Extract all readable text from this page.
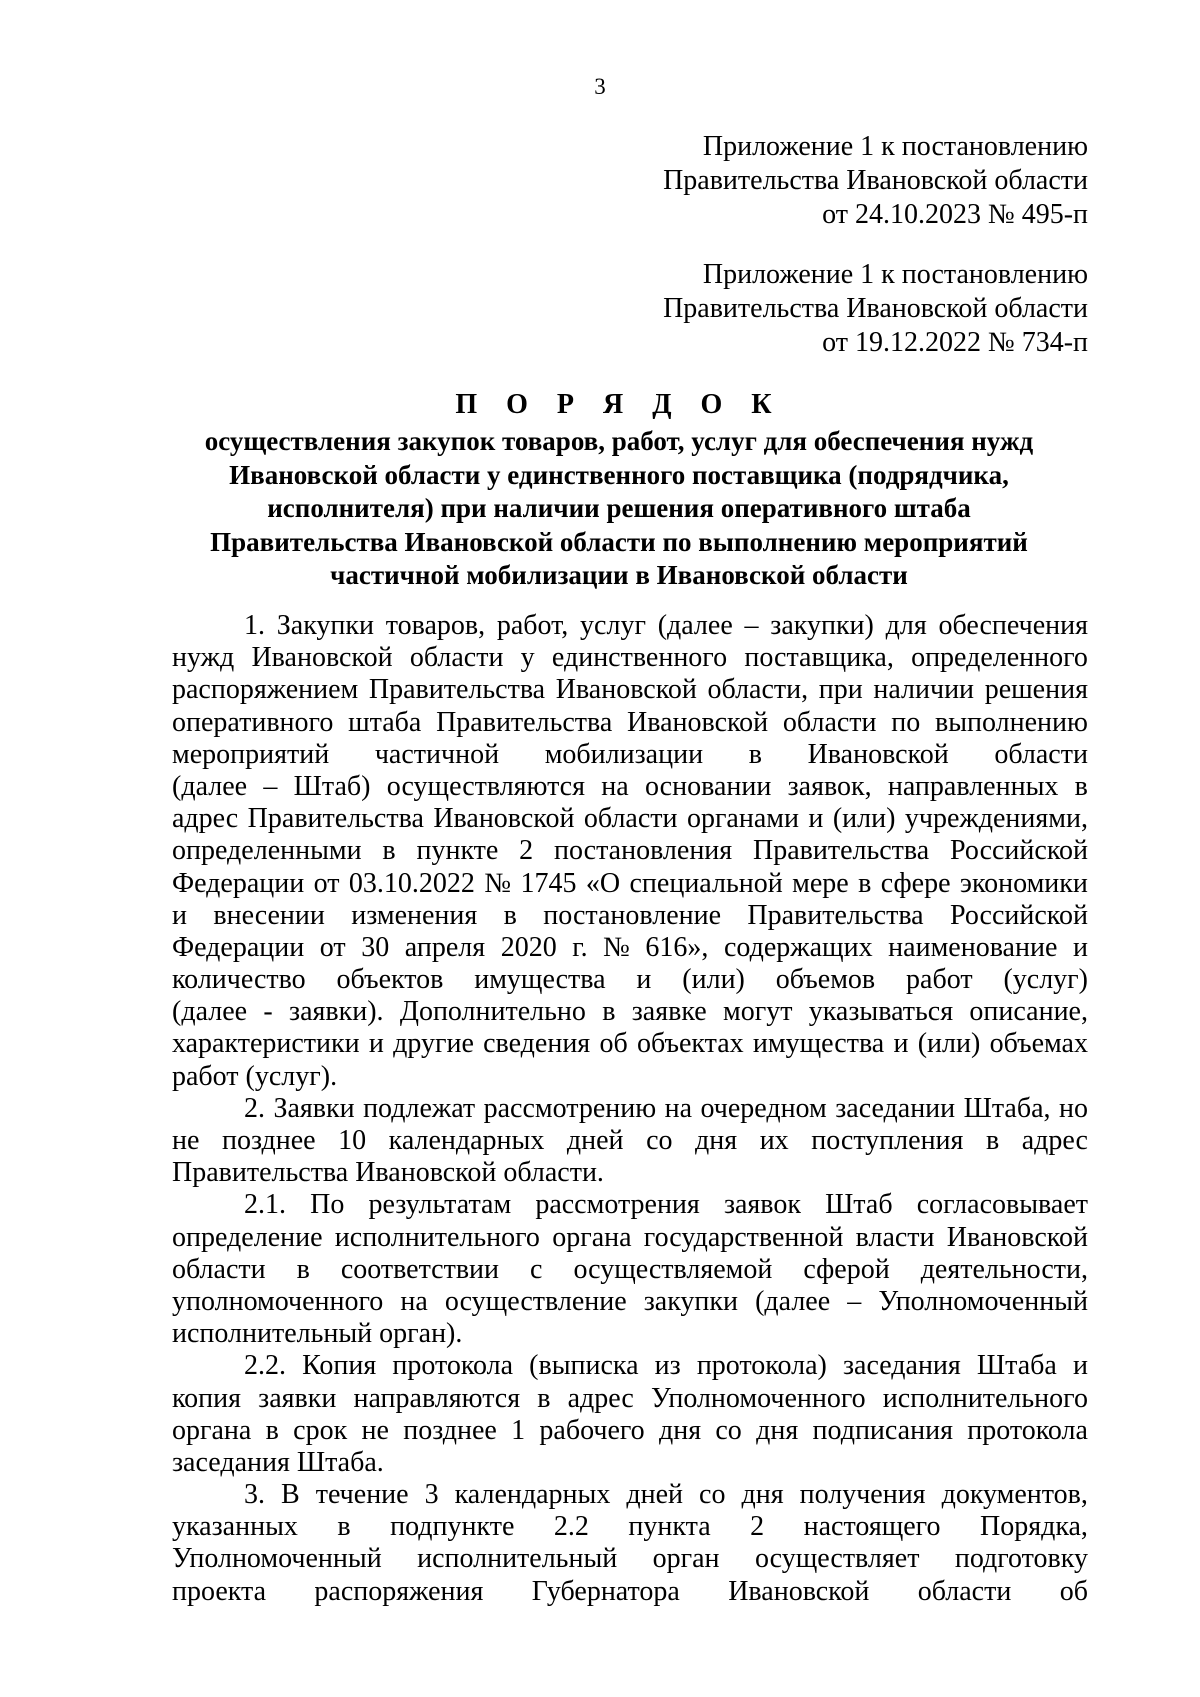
3
Приложение 1 к постановлению
Правительства Ивановской области
от 24.10.2023 № 495-п
Приложение 1 к постановлению
Правительства Ивановской области
от 19.12.2022 № 734-п
П О Р Я Д О К
осуществления закупок товаров, работ, услуг для обеспечения нужд
Ивановской области у единственного поставщика (подрядчика,
исполнителя) при наличии решения оперативного штаба
Правительства Ивановской области по выполнению мероприятий
частичной мобилизации в Ивановской области
1. Закупки товаров, работ, услуг (далее – закупки) для обеспечения
нужд Ивановской области у единственного поставщика, определенного
распоряжением Правительства Ивановской области, при наличии решения
оперативного штаба Правительства Ивановской области по выполнению
мероприятий частичной мобилизации в Ивановской области
(далее – Штаб) осуществляются на основании заявок, направленных в
адрес Правительства Ивановской области органами и (или) учреждениями,
определенными в пункте 2 постановления Правительства Российской
Федерации от 03.10.2022 № 1745 «О специальной мере в сфере экономики
и внесении изменения в постановление Правительства Российской
Федерации от 30 апреля 2020 г. № 616», содержащих наименование и
количество объектов имущества и (или) объемов работ (услуг)
(далее - заявки). Дополнительно в заявке могут указываться описание,
характеристики и другие сведения об объектах имущества и (или) объемах
работ (услуг).
2. Заявки подлежат рассмотрению на очередном заседании Штаба, но
не позднее 10 календарных дней со дня их поступления в адрес
Правительства Ивановской области.
2.1. По результатам рассмотрения заявок Штаб согласовывает
определение исполнительного органа государственной власти Ивановской
области в соответствии с осуществляемой сферой деятельности,
уполномоченного на осуществление закупки (далее – Уполномоченный
исполнительный орган).
2.2. Копия протокола (выписка из протокола) заседания Штаба и
копия заявки направляются в адрес Уполномоченного исполнительного
органа в срок не позднее 1 рабочего дня со дня подписания протокола
заседания Штаба.
3. В течение 3 календарных дней со дня получения документов,
указанных в подпункте 2.2 пункта 2 настоящего Порядка,
Уполномоченный исполнительный орган осуществляет подготовку
проекта распоряжения Губернатора Ивановской области об
